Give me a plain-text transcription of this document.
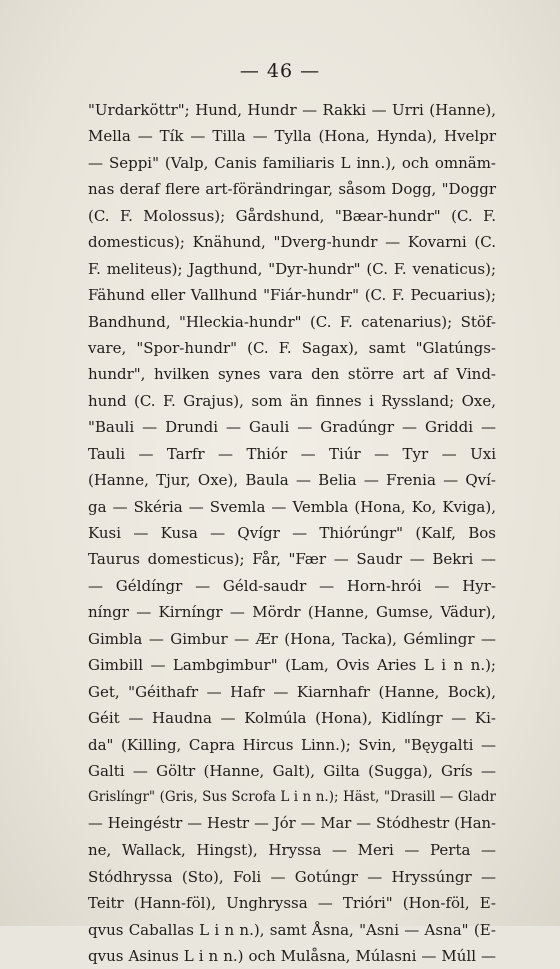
— 46 —
"Urdarköttr"; Hund, Hundr — Rakki — Urri (Hanne),
Mella — Tík — Tilla — Tylla (Hona, Hynda), Hvelpr
— Seppi" (Valp, Canis familiaris L inn.), och omnäm-
nas deraf flere art-förändringar, såsom Dogg, "Doggr
(C. F. Molossus); Gårdshund, "Bæar-hundr" (C. F.
domesticus); Knähund, "Dverg-hundr — Kovarni (C.
F. meliteus); Jagthund, "Dyr-hundr" (C. F. venaticus);
Fähund eller Vallhund "Fiár-hundr" (C. F. Pecuarius);
Bandhund, "Hleckia-hundr" (C. F. catenarius); Stöf-
vare, "Spor-hundr" (C. F. Sagax), samt "Glatúngs-
hundr", hvilken synes vara den större art af Vind-
hund (C. F. Grajus), som än finnes i Ryssland; Oxe,
"Bauli — Drundi — Gauli — Gradúngr — Griddi —
Tauli — Tarfr — Thiór — Tiúr — Tyr — Uxi
(Hanne, Tjur, Oxe), Baula — Belia — Frenia — Qví-
ga — Skéria — Svemla — Vembla (Hona, Ko, Kviga),
Kusi — Kusa — Qvígr — Thiórúngr" (Kalf, Bos
Taurus domesticus); Får, "Fær — Saudr — Bekri —
— Géldíngr — Géld-saudr — Horn-hrói — Hyr-
níngr — Kirníngr — Mördr (Hanne, Gumse, Vädur),
Gimbla — Gimbur — Ær (Hona, Tacka), Gémlingr —
Gimbill — Lambgimbur" (Lam, Ovis Aries L i n n.);
Get, "Géithafr — Hafr — Kiarnhafr (Hanne, Bock),
Géit — Haudna — Kolmúla (Hona), Kidlíngr — Ki-
da" (Killing, Capra Hircus Linn.); Svin, "Bęygalti —
Galti — Göltr (Hanne, Galt), Gilta (Sugga), Grís —
Grislíngr" (Gris, Sus Scrofa L i n n.); Häst, "Drasill — Gladr
— Heingéstr — Hestr — Jór — Mar — Stódhestr (Han-
ne, Wallack, Hingst), Hryssa — Meri — Perta —
Stódhryssa (Sto), Foli — Gotúngr — Hryssúngr —
Teitr (Hann-föl), Unghryssa — Trióri" (Hon-föl, E-
qvus Caballas L i n n.), samt Åsna, "Asni — Asna" (E-
qvus Asinus L i n n.) och Mulåsna, Múlasni — Múll —
